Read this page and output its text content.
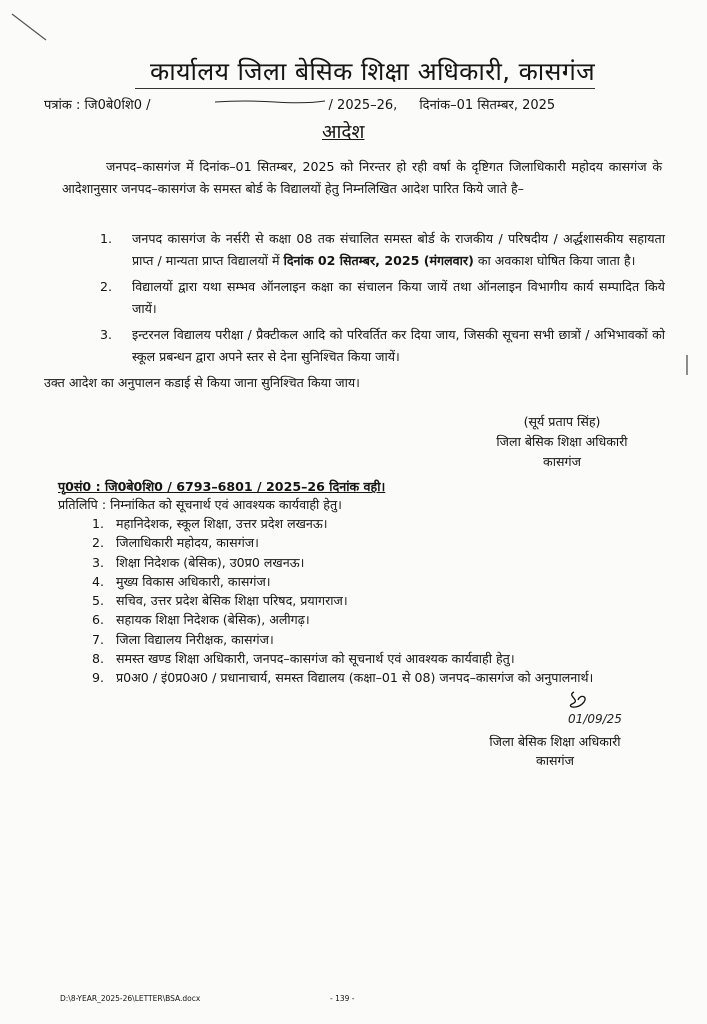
कार्यालय जिला बेसिक शिक्षा अधिकारी, कासगंज
पत्रांक : जि0बे0शि0 /	/ 2025–26, दिनांक–01 सितम्बर, 2025
आदेश
जनपद–कासगंज में दिनांक–01 सितम्बर, 2025 को निरन्तर हो रही वर्षा के दृष्टिगत जिलाधिकारी महोदय कासगंज के आदेशानुसार जनपद–कासगंज के समस्त बोर्ड के विद्यालयों हेतु निम्नलिखित आदेश पारित किये जाते है–
1. जनपद कासगंज के नर्सरी से कक्षा 08 तक संचालित समस्त बोर्ड के राजकीय / परिषदीय / अर्द्धशासकीय सहायता प्राप्त / मान्यता प्राप्त विद्यालयों में दिनांक 02 सितम्बर, 2025 (मंगलवार) का अवकाश घोषित किया जाता है।
2. विद्यालयों द्वारा यथा सम्भव ऑनलाइन कक्षा का संचालन किया जायें तथा ऑनलाइन विभागीय कार्य सम्पादित किये जायें।
3. इन्टरनल विद्यालय परीक्षा / प्रैक्टीकल आदि को परिवर्तित कर दिया जाय, जिसकी सूचना सभी छात्रों / अभिभावकों को स्कूल प्रबन्धन द्वारा अपने स्तर से देना सुनिश्चित किया जायें।
उक्त आदेश का अनुपालन कडाई से किया जाना सुनिश्चित किया जाय।
(सूर्य प्रताप सिंह)
जिला बेसिक शिक्षा अधिकारी
कासगंज
पृ0सं0 : जि0बे0शि0 / 6793–6801 / 2025–26 दिनांक वही।
प्रतिलिपि : निम्नांकित को सूचनार्थ एवं आवश्यक कार्यवाही हेतु।
1. महानिदेशक, स्कूल शिक्षा, उत्तर प्रदेश लखनऊ।
2. जिलाधिकारी महोदय, कासगंज।
3. शिक्षा निदेशक (बेसिक), उ0प्र0 लखनऊ।
4. मुख्य विकास अधिकारी, कासगंज।
5. सचिव, उत्तर प्रदेश बेसिक शिक्षा परिषद, प्रयागराज।
6. सहायक शिक्षा निदेशक (बेसिक), अलीगढ़।
7. जिला विद्यालय निरीक्षक, कासगंज।
8. समस्त खण्ड शिक्षा अधिकारी, जनपद–कासगंज को सूचनार्थ एवं आवश्यक कार्यवाही हेतु।
9. प्र0अ0 / इं0प्र0अ0 / प्रधानाचार्य, समस्त विद्यालय (कक्षा–01 से 08) जनपद–कासगंज को अनुपालनार्थ।
01/09/25
जिला बेसिक शिक्षा अधिकारी
कासगंज
D:\8-YEAR_2025-26\LETTER\BSA.docx	- 139 -
